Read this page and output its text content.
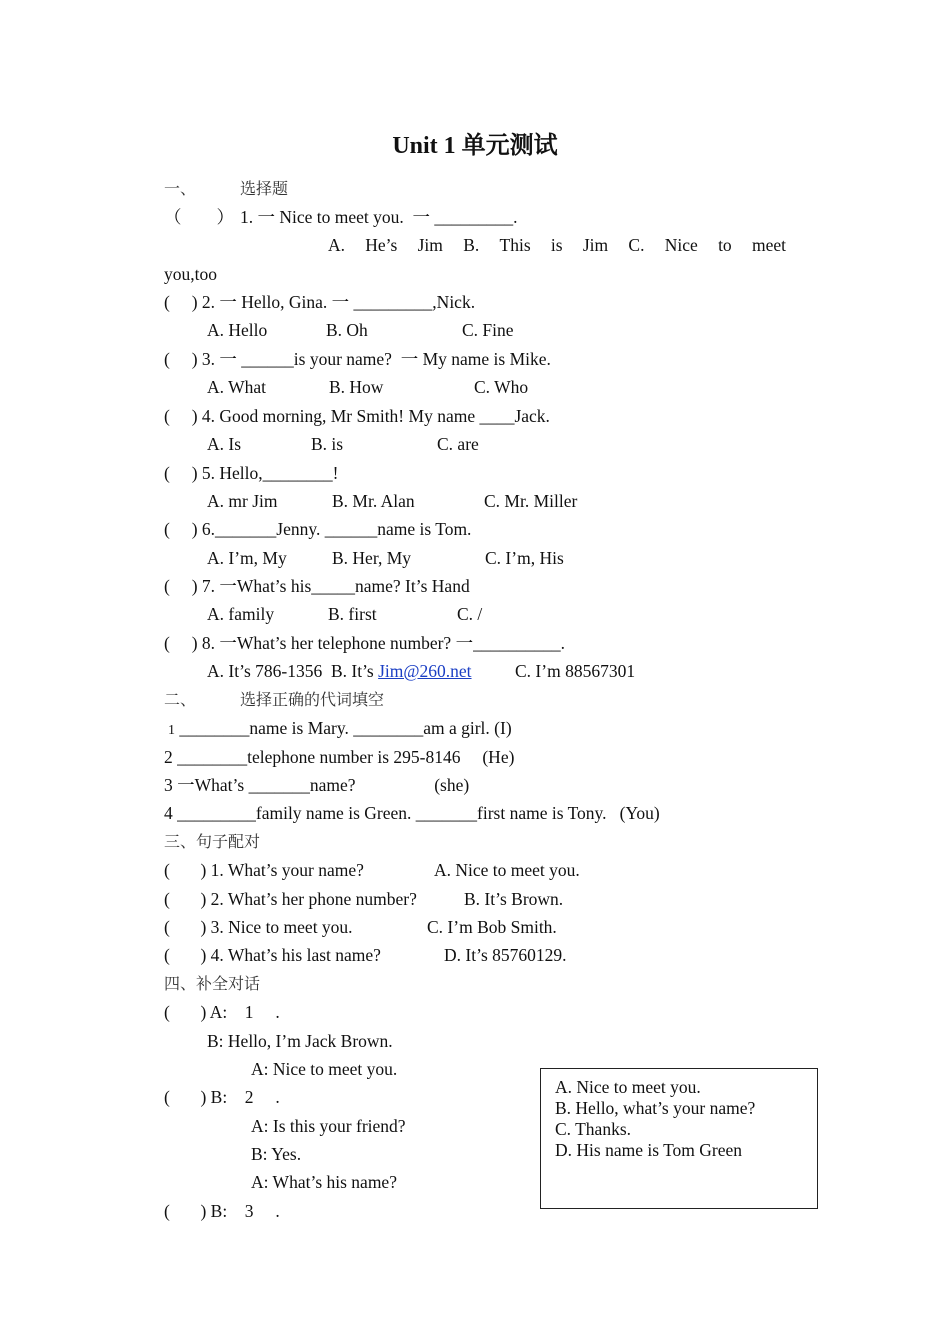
Unit 1 单元测试
一、	选择题
（        ） 1. 一 Nice to meet you.  一 _________.
A. He’s Jim B. This is Jim C. Nice to meet
you,too
(     ) 2. 一 Hello, Gina. 一 _________,Nick.
A. Hello	B. Oh	C. Fine
(     ) 3. 一 ______is your name?  一 My name is Mike.
A. What	B. How	C. Who
(     ) 4. Good morning, Mr Smith! My name ____Jack.
A. Is	B. is	C. are
(     ) 5. Hello,________!
A. mr Jim	B. Mr. Alan	C. Mr. Miller
(     ) 6._______Jenny. ______name is Tom.
A. I’m, My	B. Her, My	C. I’m, His
(     ) 7. 一What’s his_____name? It’s Hand
A. family	B. first	C. /
(     ) 8. 一What’s her telephone number? 一__________.
A. It’s 786-1356  B. It’s Jim@260.net C. I’m 88567301
二、	选择正确的代词填空
1 ________name is Mary. ________am a girl. (I)
2 ________telephone number is 295-8146     (He)
3 一What’s _______name?                  (she)
4 _________family name is Green. _______first name is Tony.   (You)
三、句子配对
(       ) 1. What’s your name?	A. Nice to meet you.
(       ) 2. What’s her phone number?	B. It’s Brown.
(       ) 3. Nice to meet you.	C. I’m Bob Smith.
(       ) 4. What’s his last name?	D. It’s 85760129.
四、补全对话
(       ) A:    1     .
B: Hello, I’m Jack Brown.
A: Nice to meet you.
(       ) B:    2     .
A: Is this your friend?
B: Yes.
A: What’s his name?
(       ) B:    3     .
A. Nice to meet you.
B. Hello, what’s your name?
C. Thanks.
D. His name is Tom Green
